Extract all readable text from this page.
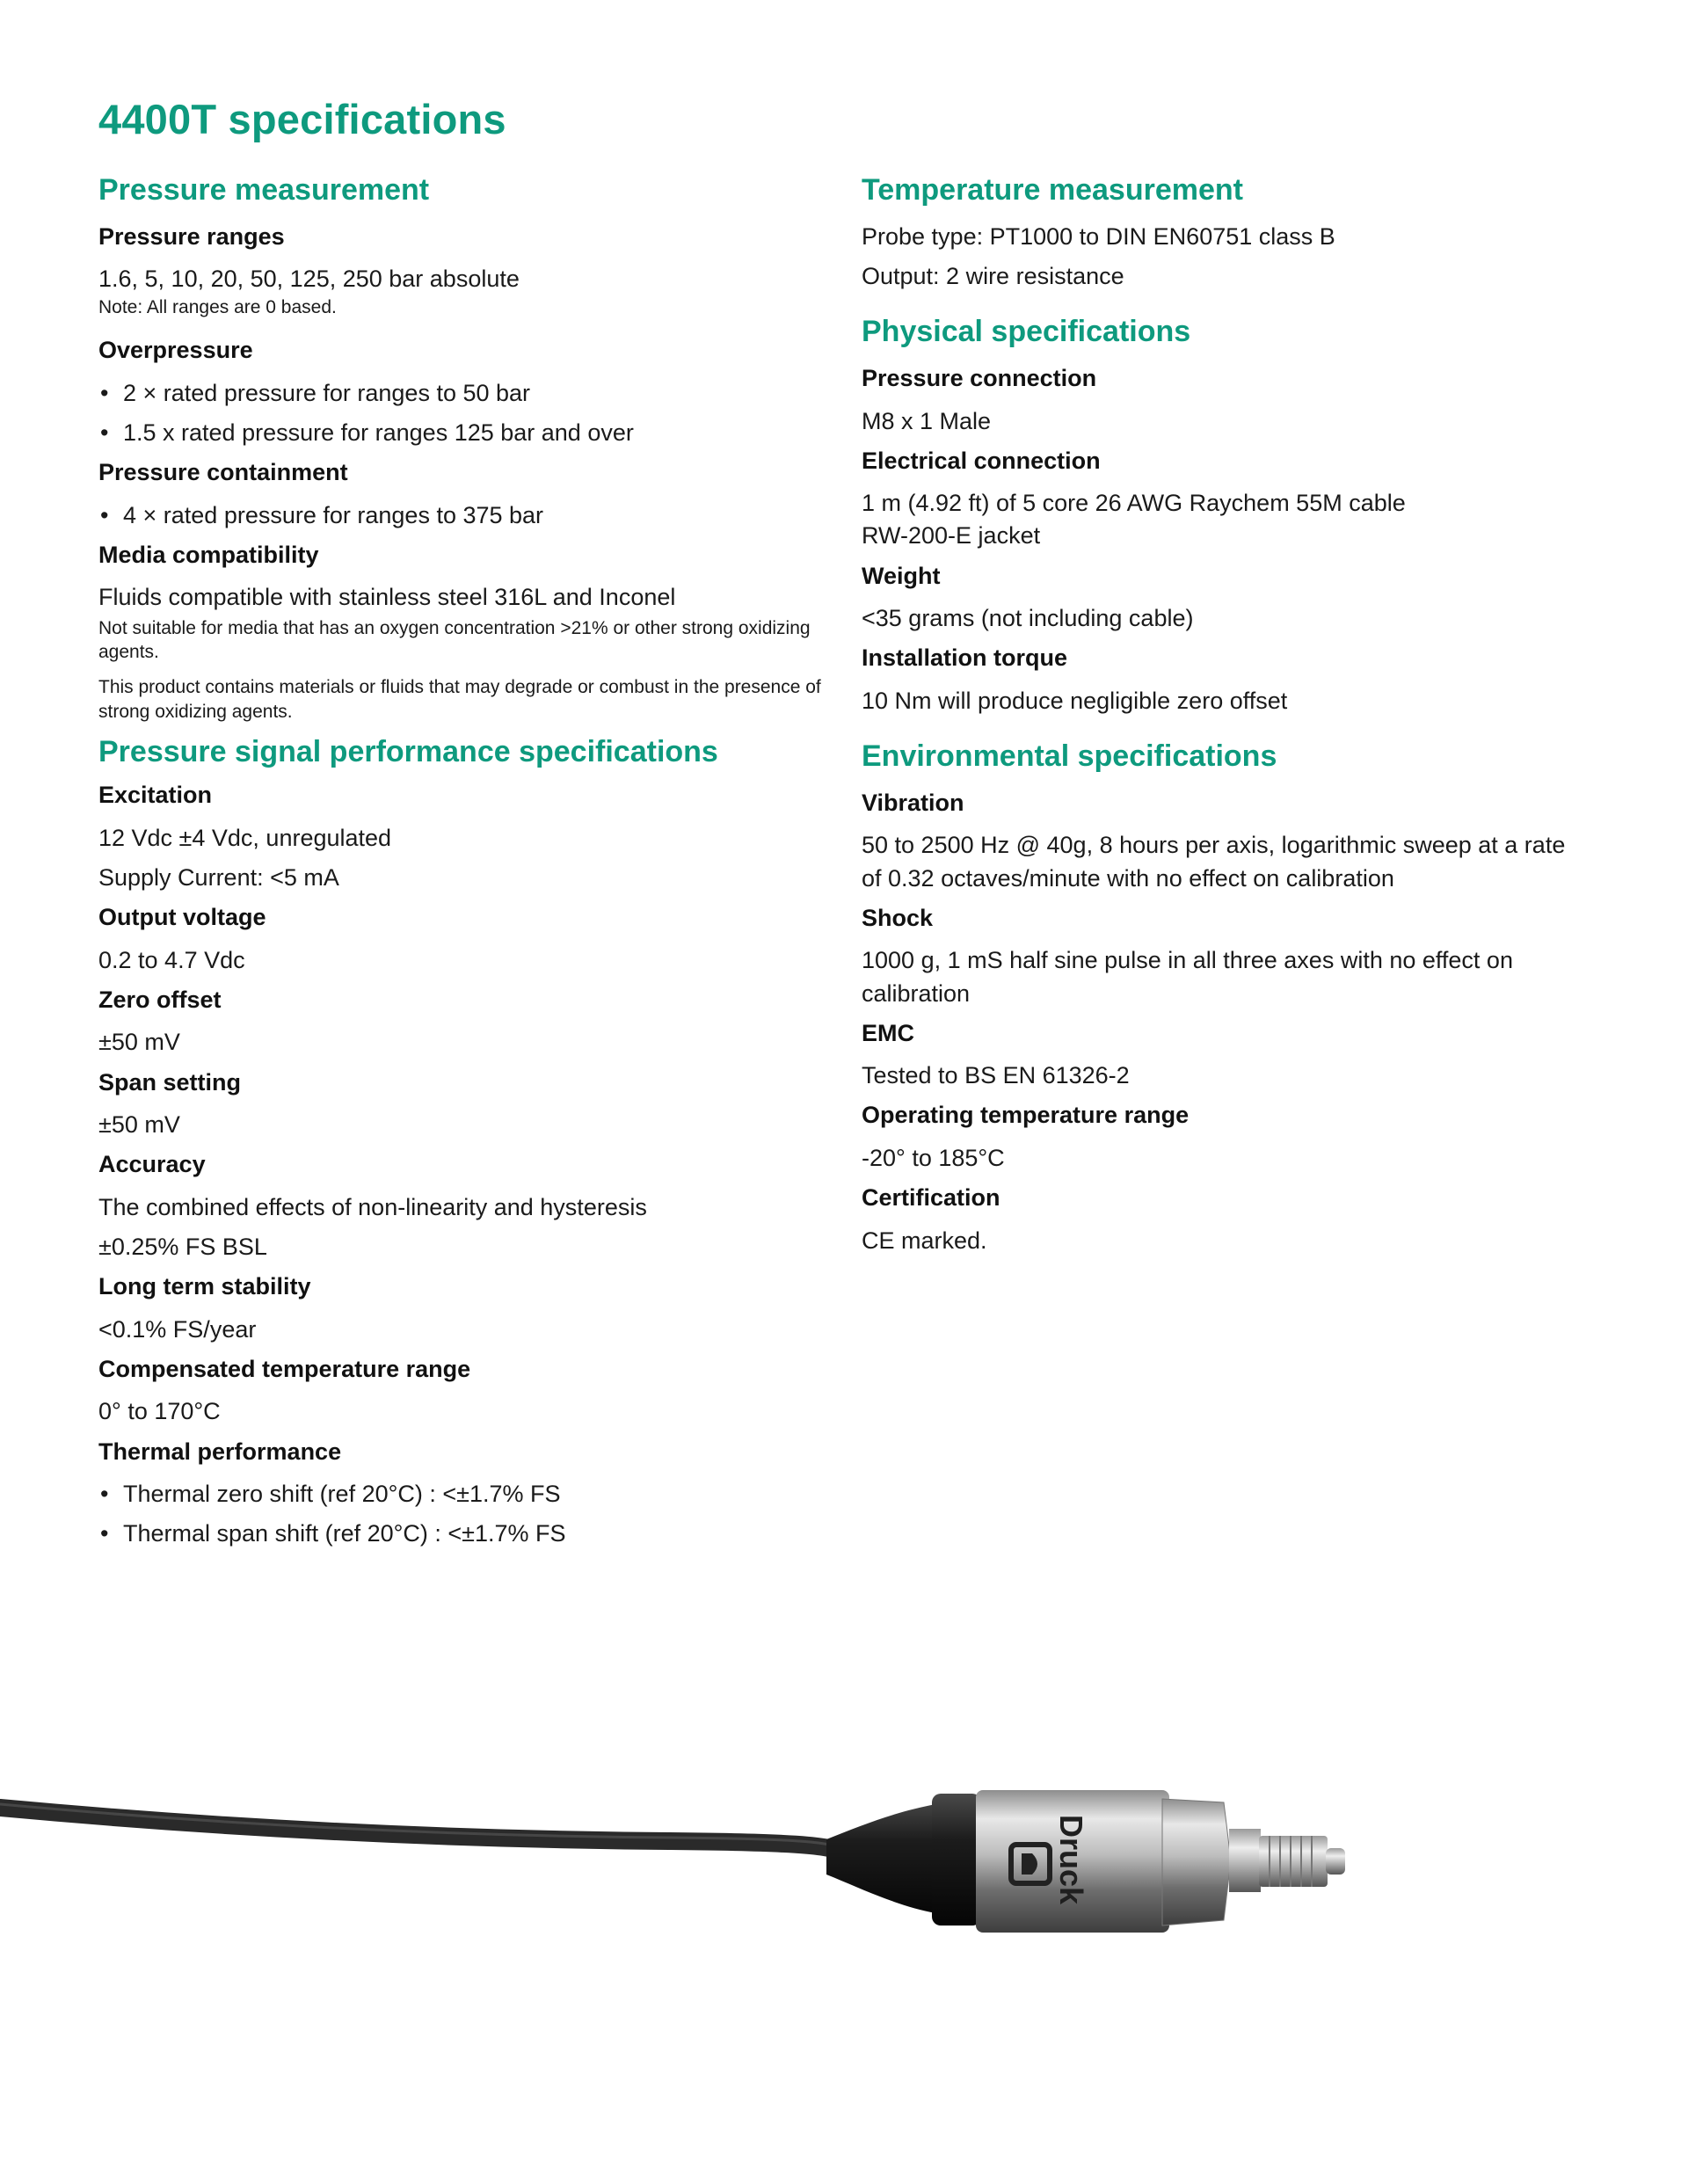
4400T specifications
Pressure measurement
Pressure ranges
1.6, 5, 10, 20, 50, 125, 250 bar absolute
Note: All ranges are 0 based.
Overpressure
• 2 × rated pressure for ranges to 50 bar
• 1.5 x rated pressure for ranges 125 bar and over
Pressure containment
• 4 × rated pressure for ranges to 375 bar
Media compatibility
Fluids compatible with stainless steel 316L and Inconel
Not suitable for media that has an oxygen concentration >21% or other strong oxidizing agents.
This product contains materials or fluids that may degrade or combust in the presence of strong oxidizing agents.
Pressure signal performance specifications
Excitation
12 Vdc ±4 Vdc, unregulated
Supply Current: <5 mA
Output voltage
0.2 to 4.7 Vdc
Zero offset
±50 mV
Span setting
±50 mV
Accuracy
The combined effects of non-linearity and hysteresis
±0.25% FS BSL
Long term stability
<0.1% FS/year
Compensated temperature range
0° to 170°C
Thermal performance
• Thermal zero shift (ref 20°C) : <±1.7% FS
• Thermal span shift (ref 20°C) : <±1.7% FS
Temperature measurement
Probe type: PT1000 to DIN EN60751 class B
Output: 2 wire resistance
Physical specifications
Pressure connection
M8 x 1 Male
Electrical connection
1 m (4.92 ft) of 5 core 26 AWG Raychem 55M cable
RW-200-E jacket
Weight
<35 grams (not including cable)
Installation torque
10 Nm will produce negligible zero offset
Environmental specifications
Vibration
50 to 2500 Hz @ 40g, 8 hours per axis, logarithmic sweep at a rate of 0.32 octaves/minute with no effect on calibration
Shock
1000 g, 1 mS half sine pulse in all three axes with no effect on calibration
EMC
Tested to BS EN 61326-2
Operating temperature range
-20° to 185°C
Certification
CE marked.
Druck
